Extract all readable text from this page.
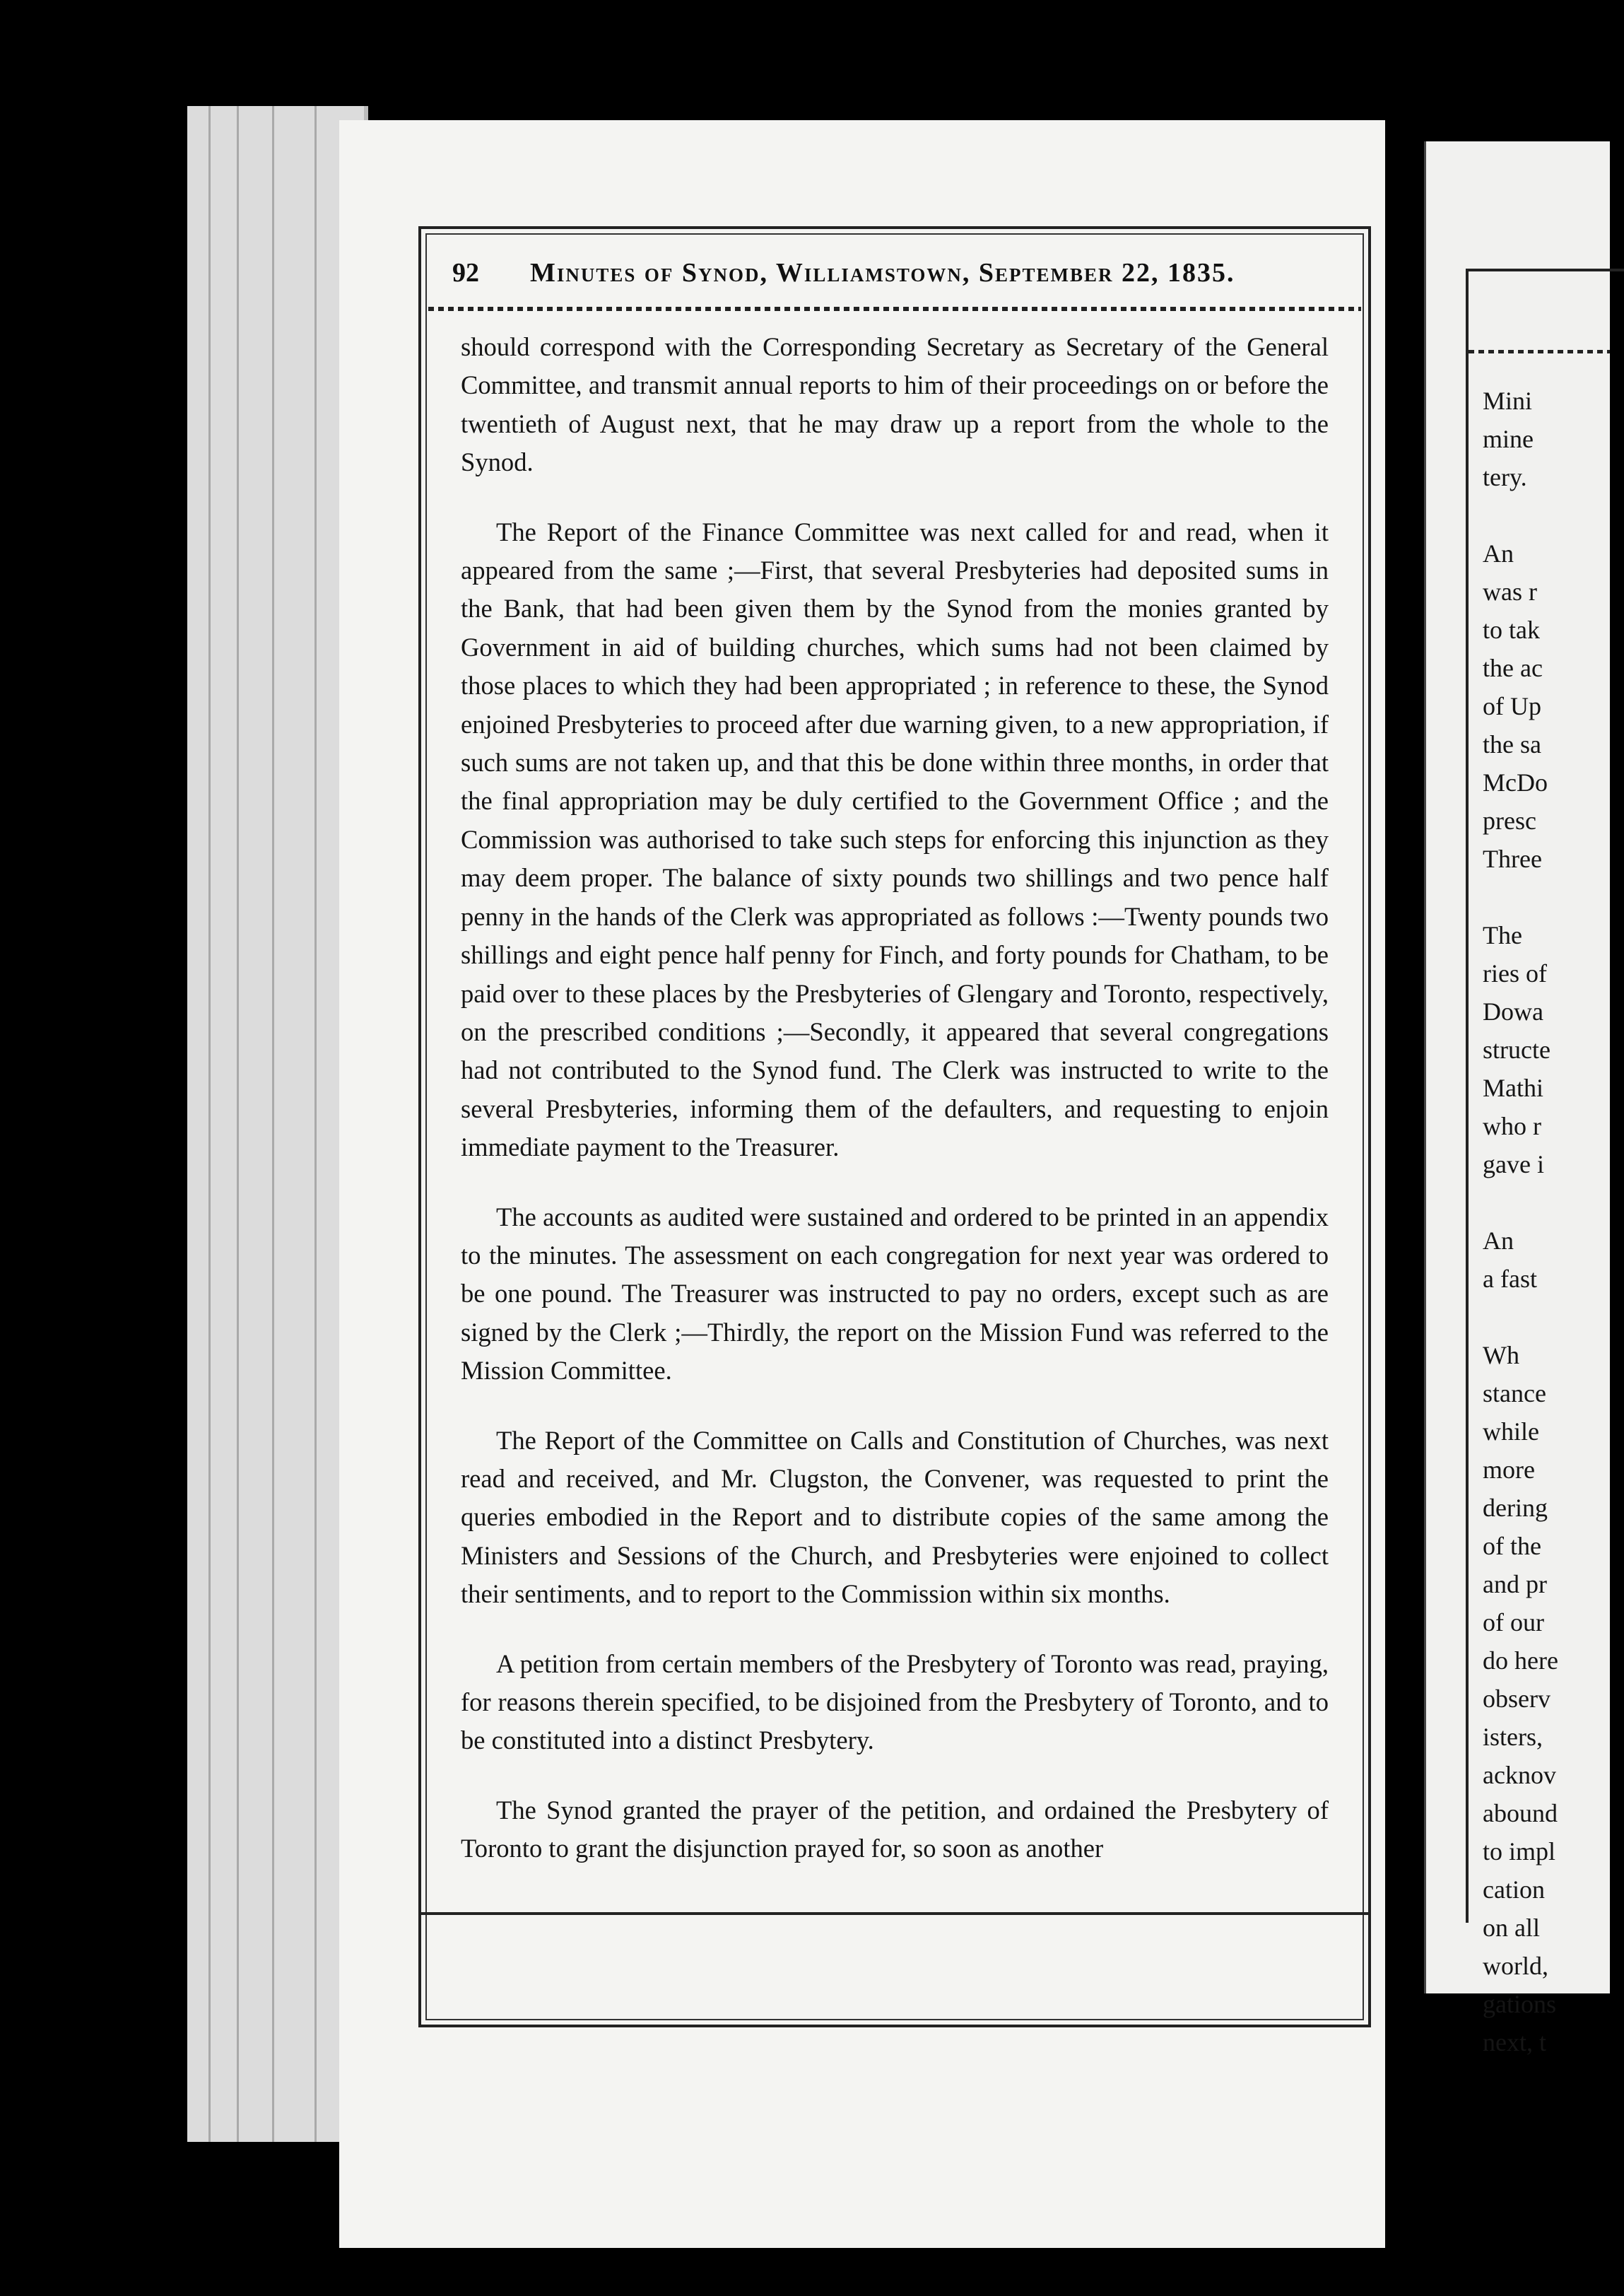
92	Minutes of Synod, Williamstown, September 22, 1835.

should correspond with the Corresponding Secretary as Secretary of the General Committee, and transmit annual reports to him of their proceedings on or before the twentieth of August next, that he may draw up a report from the whole to the Synod.

The Report of the Finance Committee was next called for and read, when it appeared from the same ;—First, that several Presbyteries had deposited sums in the Bank, that had been given them by the Synod from the monies granted by Government in aid of building churches, which sums had not been claimed by those places to which they had been appropriated ; in reference to these, the Synod enjoined Presbyteries to proceed after due warning given, to a new appropriation, if such sums are not taken up, and that this be done within three months, in order that the final appropriation may be duly certified to the Government Office ; and the Commission was authorised to take such steps for enforcing this injunction as they may deem proper. The balance of sixty pounds two shillings and two pence half penny in the hands of the Clerk was appropriated as follows :—Twenty pounds two shillings and eight pence half penny for Finch, and forty pounds for Chatham, to be paid over to these places by the Presbyteries of Glengary and Toronto, respectively, on the prescribed conditions ;—Secondly, it appeared that several congregations had not contributed to the Synod fund. The Clerk was instructed to write to the several Presbyteries, informing them of the defaulters, and requesting to enjoin immediate payment to the Treasurer.

The accounts as audited were sustained and ordered to be printed in an appendix to the minutes. The assessment on each congregation for next year was ordered to be one pound. The Treasurer was instructed to pay no orders, except such as are signed by the Clerk ;—Thirdly, the report on the Mission Fund was referred to the Mission Committee.

The Report of the Committee on Calls and Constitution of Churches, was next read and received, and Mr. Clugston, the Convener, was requested to print the queries embodied in the Report and to distribute copies of the same among the Ministers and Sessions of the Church, and Presbyteries were enjoined to collect their sentiments, and to report to the Commission within six months.

A petition from certain members of the Presbytery of Toronto was read, praying, for reasons therein specified, to be disjoined from the Presbytery of Toronto, and to be constituted into a distinct Presbytery.

The Synod granted the prayer of the petition, and ordained the Presbytery of Toronto to grant the disjunction prayed for, so soon as another

Mini
mine
tery.

An
was r
to tak
the ac
of Up
the sa
McDo
presc
Three

The
ries of
Dowa
structe
Mathi
who r
gave i

An
a fast

Wh
stance
while
more
dering
of the
and pr
of our
do here
observ
isters,
acknov
abound
to impl
cation
on all
world,
gations
next, t
